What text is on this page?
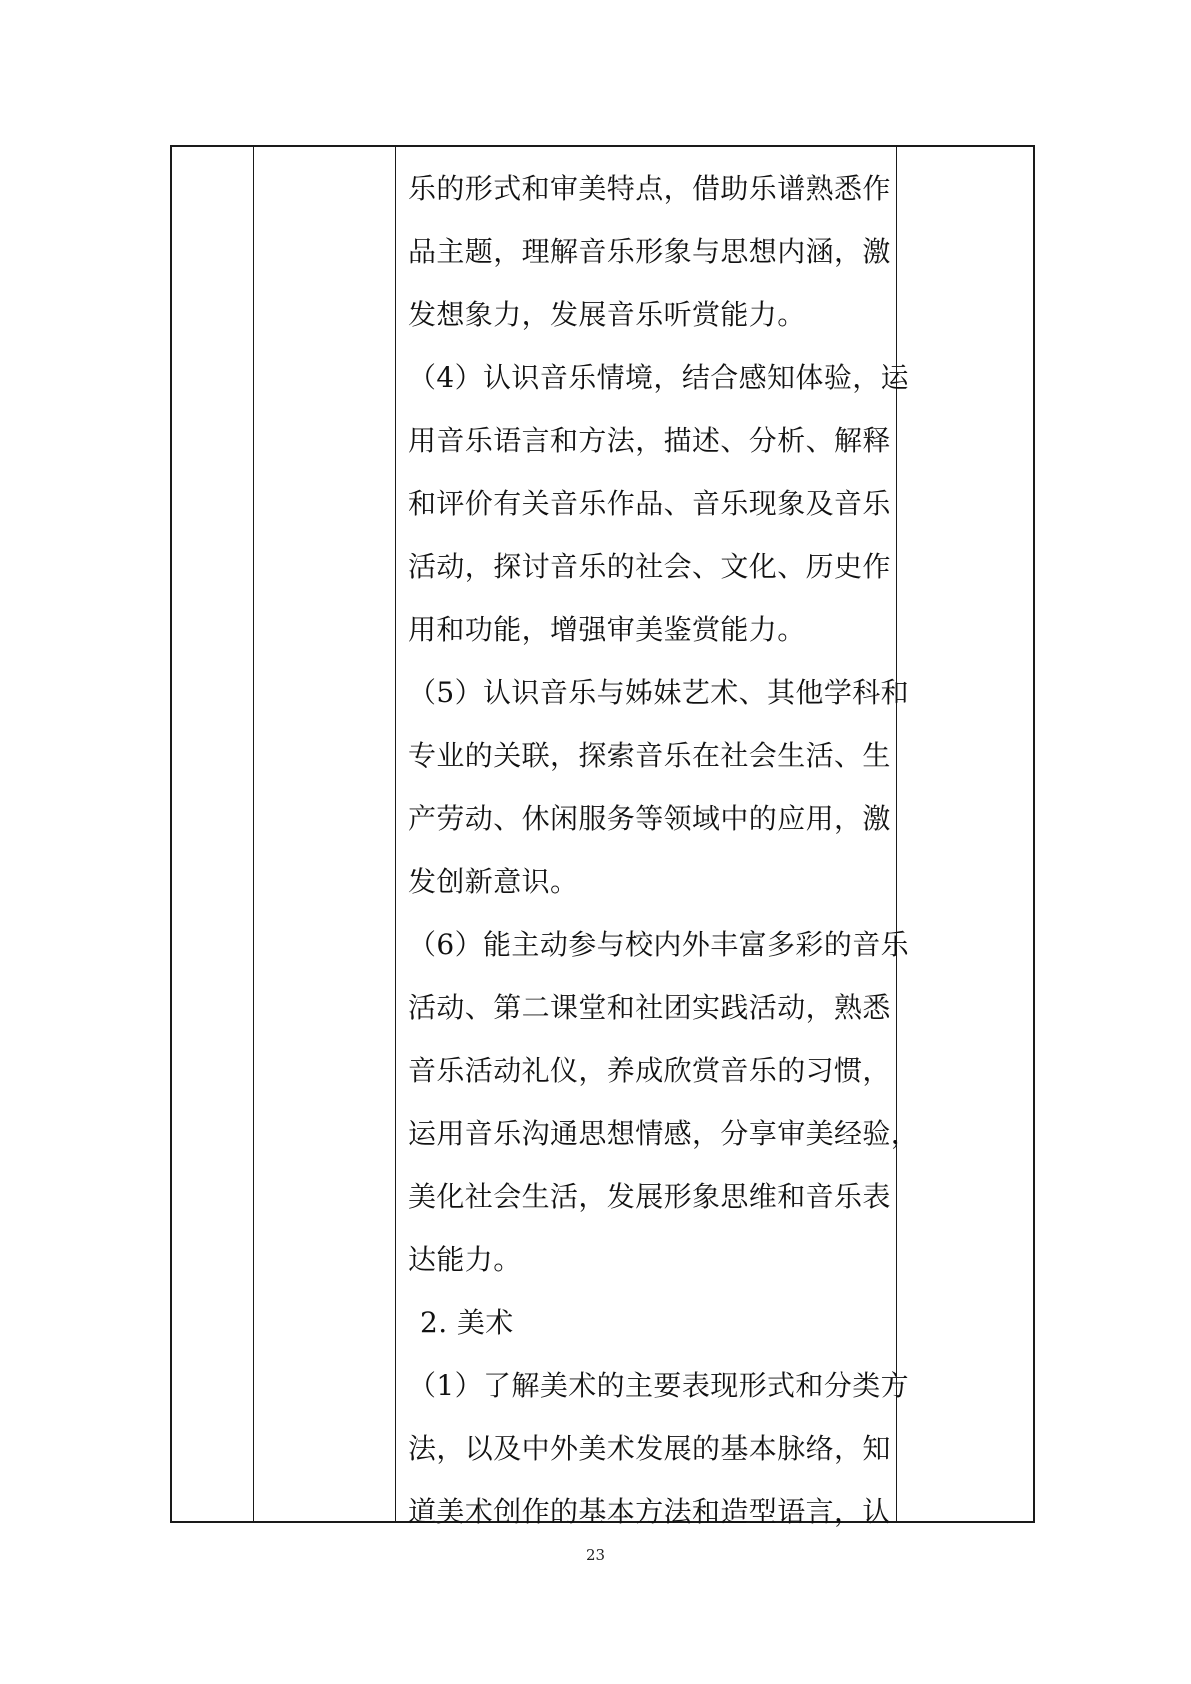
乐的形式和审美特点，借助乐谱熟悉作
品主题，理解音乐形象与思想内涵，激
发想象力，发展音乐听赏能力。
（4）认识音乐情境，结合感知体验，运
用音乐语言和方法，描述、分析、解释
和评价有关音乐作品、音乐现象及音乐
活动，探讨音乐的社会、文化、历史作
用和功能，增强审美鉴赏能力。
（5）认识音乐与姊妹艺术、其他学科和
专业的关联，探索音乐在社会生活、生
产劳动、休闲服务等领域中的应用，激
发创新意识。
（6）能主动参与校内外丰富多彩的音乐
活动、第二课堂和社团实践活动，熟悉
音乐活动礼仪，养成欣赏音乐的习惯，
运用音乐沟通思想情感，分享审美经验，
美化社会生活，发展形象思维和音乐表
达能力。
2. 美术
（1）了解美术的主要表现形式和分类方
法，以及中外美术发展的基本脉络，知
道美术创作的基本方法和造型语言，认
23
